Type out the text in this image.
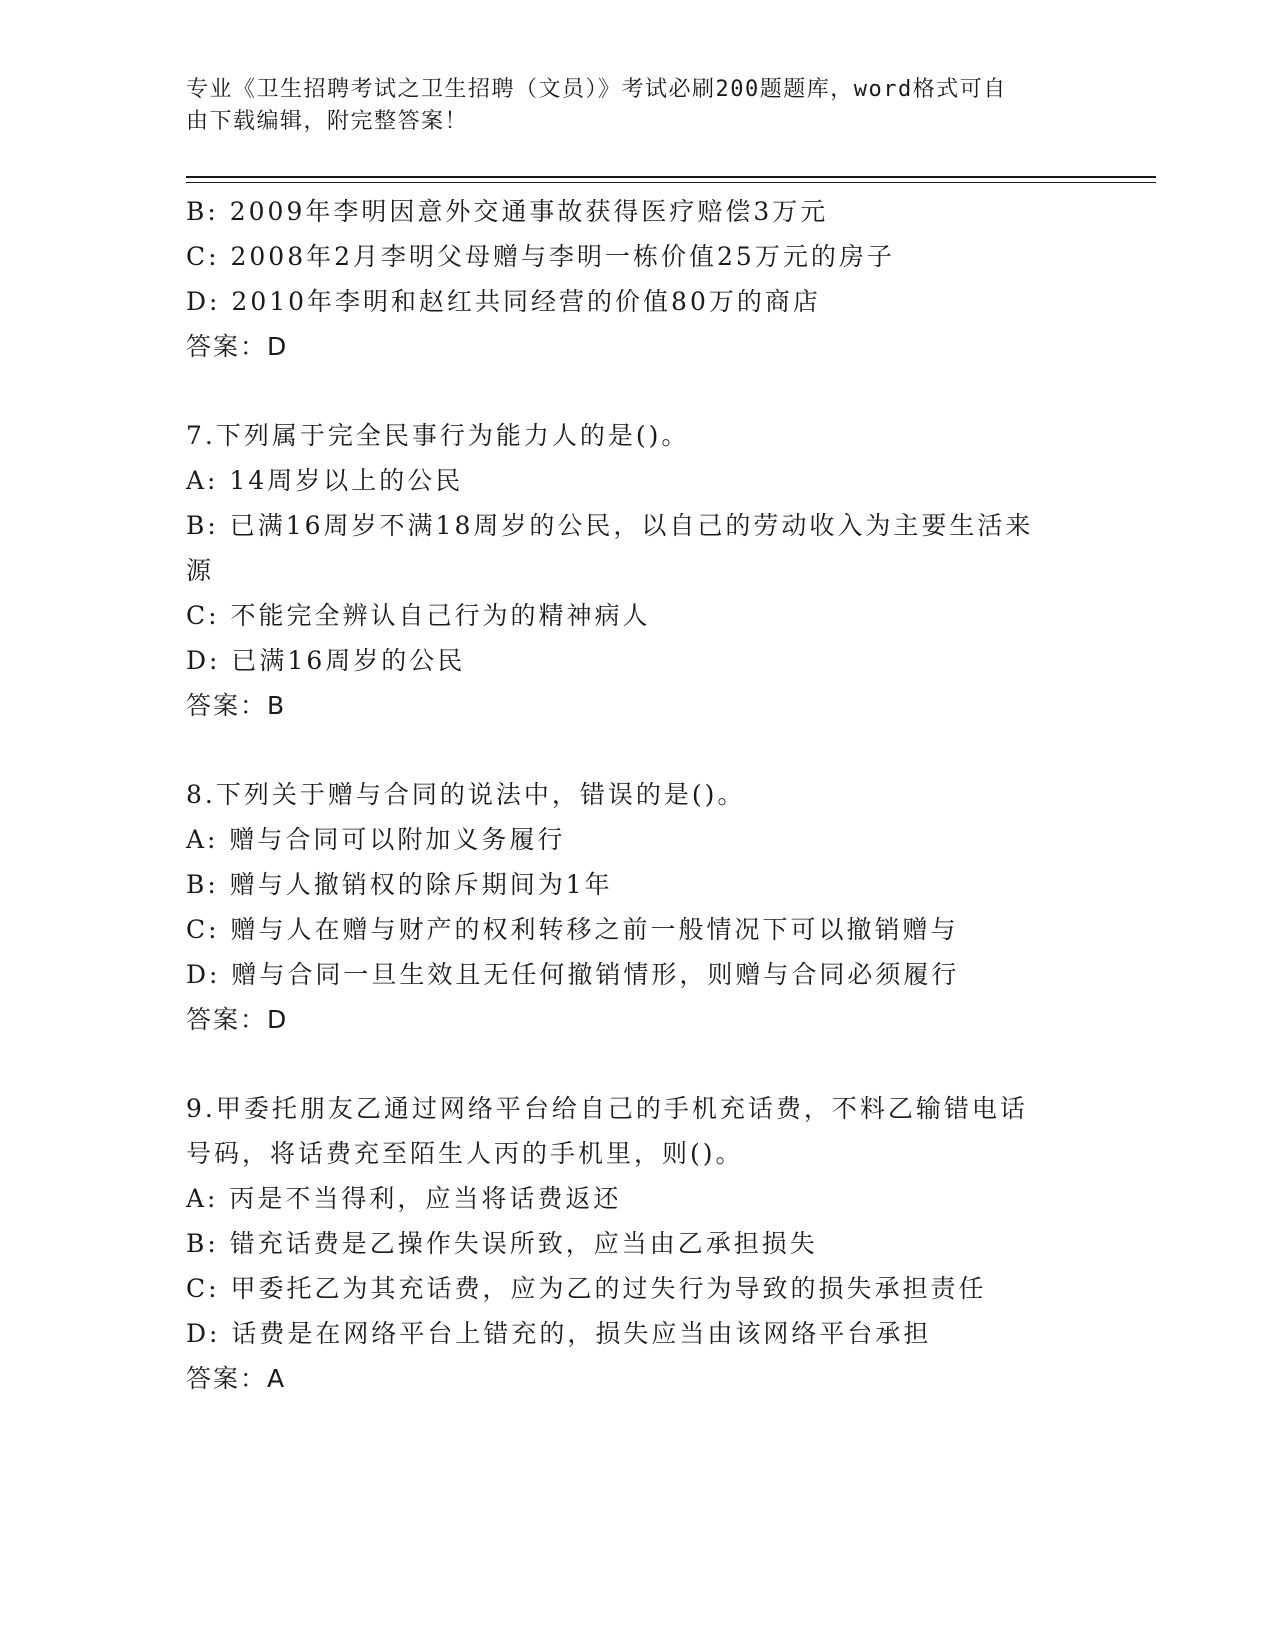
专业《卫生招聘考试之卫生招聘（文员）》考试必刷200题题库，word格式可自
由下载编辑，附完整答案！
B: 2009年李明因意外交通事故获得医疗赔偿3万元
C: 2008年2月李明父母赠与李明一栋价值25万元的房子
D: 2010年李明和赵红共同经营的价值80万的商店
答案：D
7.下列属于完全民事行为能力人的是()。
A: 14周岁以上的公民
B: 已满16周岁不满18周岁的公民，以自己的劳动收入为主要生活来
源
C: 不能完全辨认自己行为的精神病人
D: 已满16周岁的公民
答案：B
8.下列关于赠与合同的说法中，错误的是()。
A: 赠与合同可以附加义务履行
B: 赠与人撤销权的除斥期间为1年
C: 赠与人在赠与财产的权利转移之前一般情况下可以撤销赠与
D: 赠与合同一旦生效且无任何撤销情形，则赠与合同必须履行
答案：D
9.甲委托朋友乙通过网络平台给自己的手机充话费，不料乙输错电话
号码，将话费充至陌生人丙的手机里，则()。
A: 丙是不当得利，应当将话费返还
B: 错充话费是乙操作失误所致，应当由乙承担损失
C: 甲委托乙为其充话费，应为乙的过失行为导致的损失承担责任
D: 话费是在网络平台上错充的，损失应当由该网络平台承担
答案：A
